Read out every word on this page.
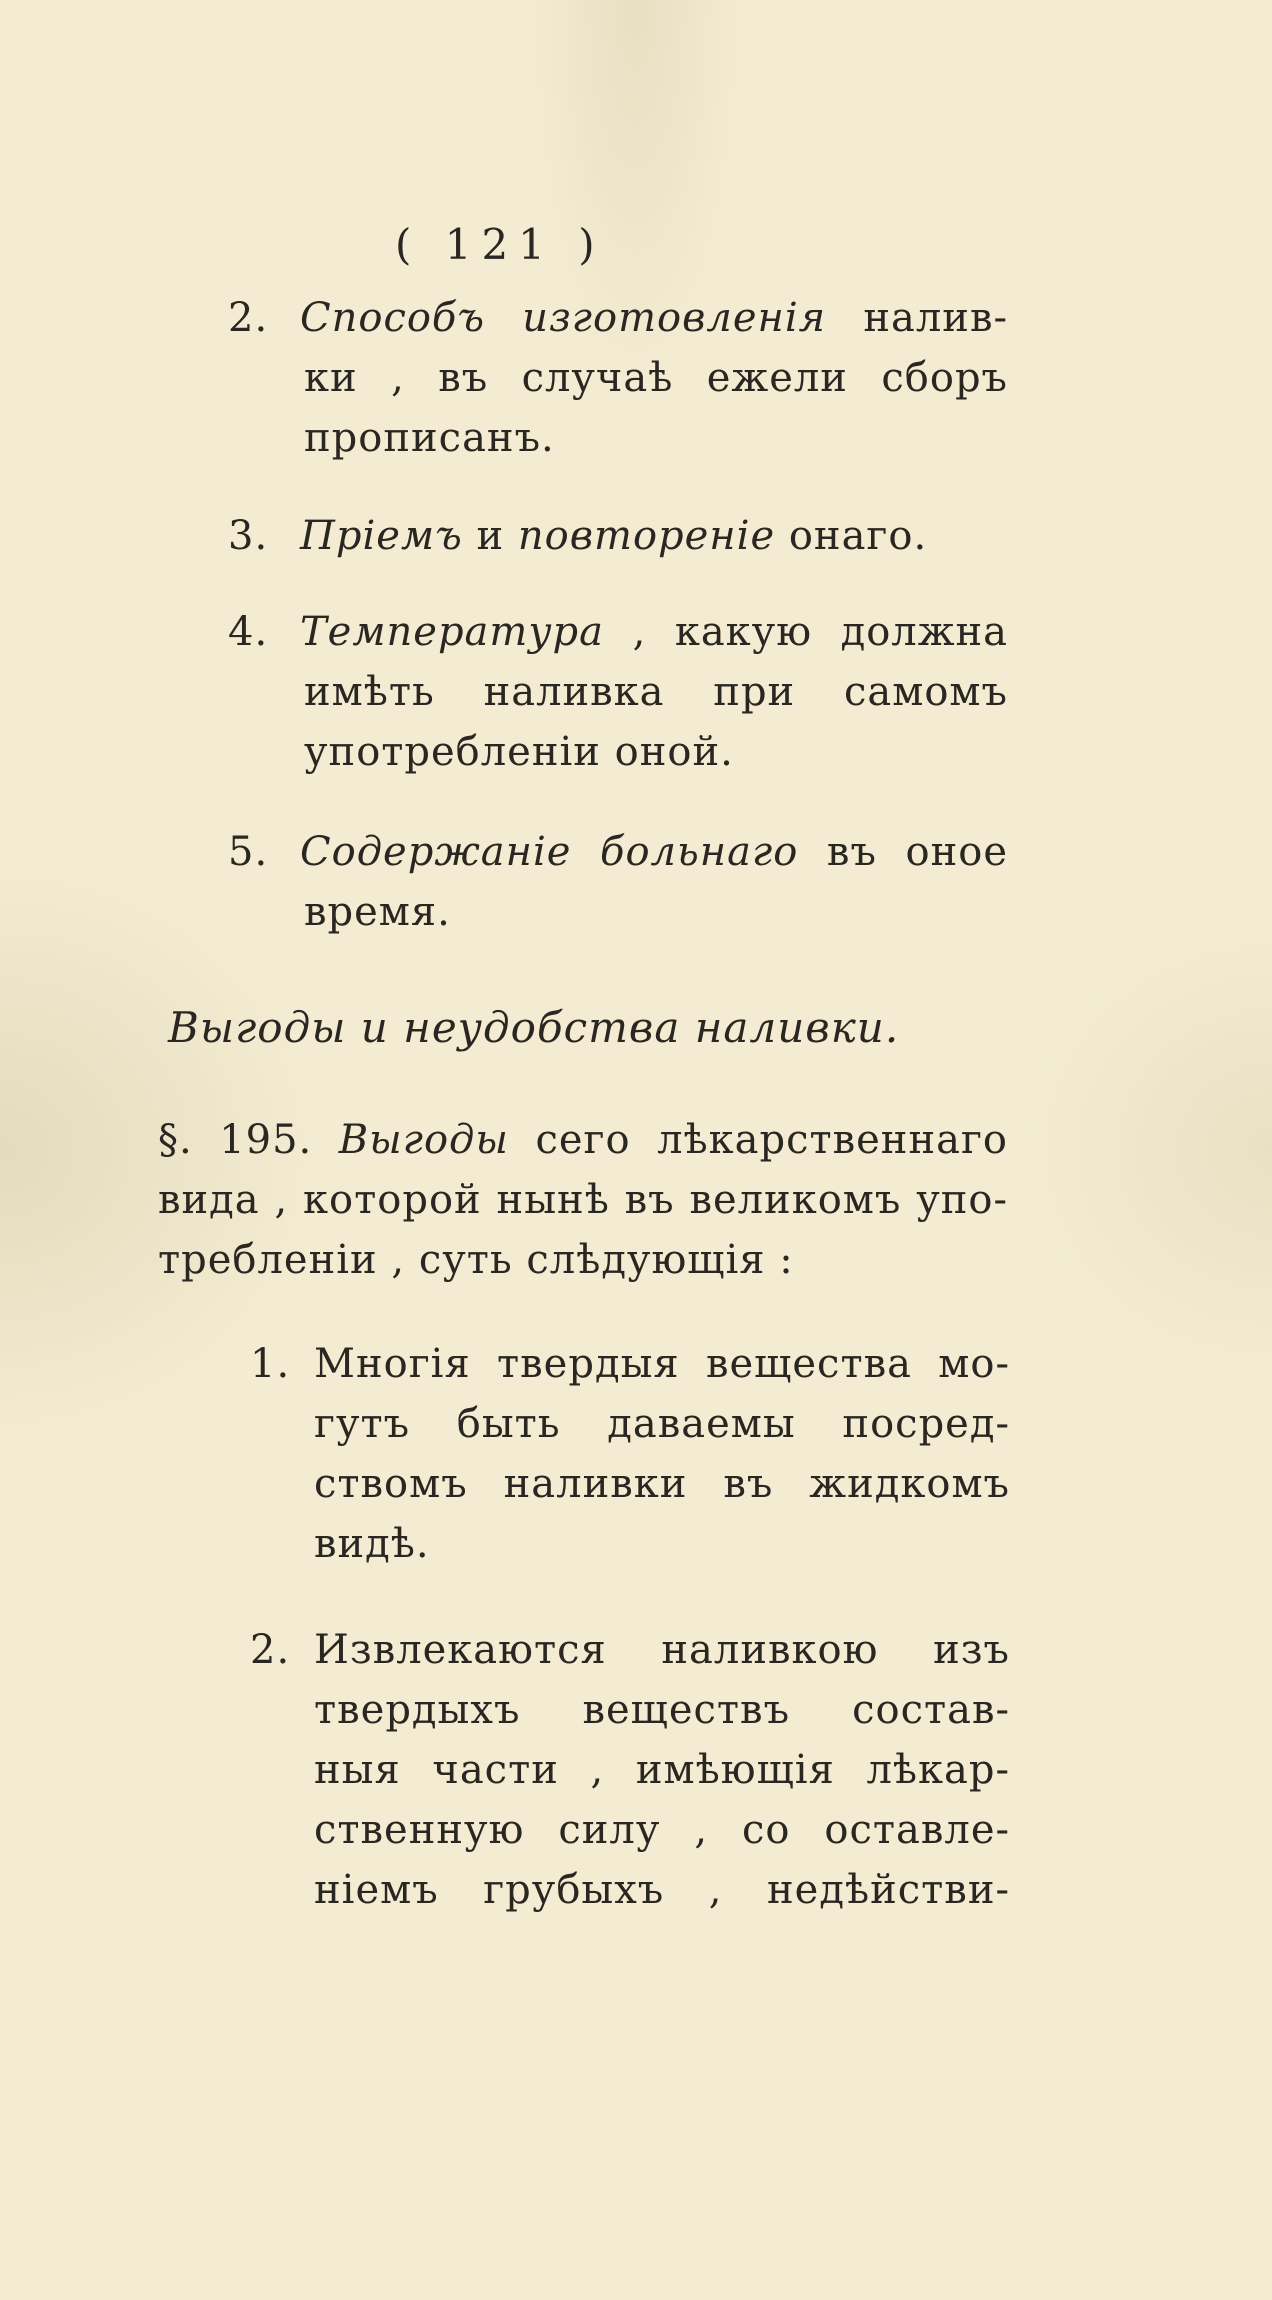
( 121 )
2. Способъ изготовленія налив-
ки , въ случаѣ ежели сборъ
прописанъ.
3. Пріемъ и повтореніе онаго.
4. Температура , какую должна
имѣть наливка при самомъ
употребленіи оной.
5. Содержаніе больнаго въ оное
время.
Выгоды и неудобства наливки.
§. 195. Выгоды сего лѣкарственнаго
вида , которой нынѣ въ великомъ упо-
требленіи , суть слѣдующія :
1. Многія твердыя вещества мо-
гутъ быть даваемы посред-
ствомъ наливки въ жидкомъ
видѣ.
2. Извлекаются наливкою изъ
твердыхъ веществъ состав-
ныя части , имѣющія лѣкар-
ственную силу , со оставле-
ніемъ грубыхъ , недѣйстви-
